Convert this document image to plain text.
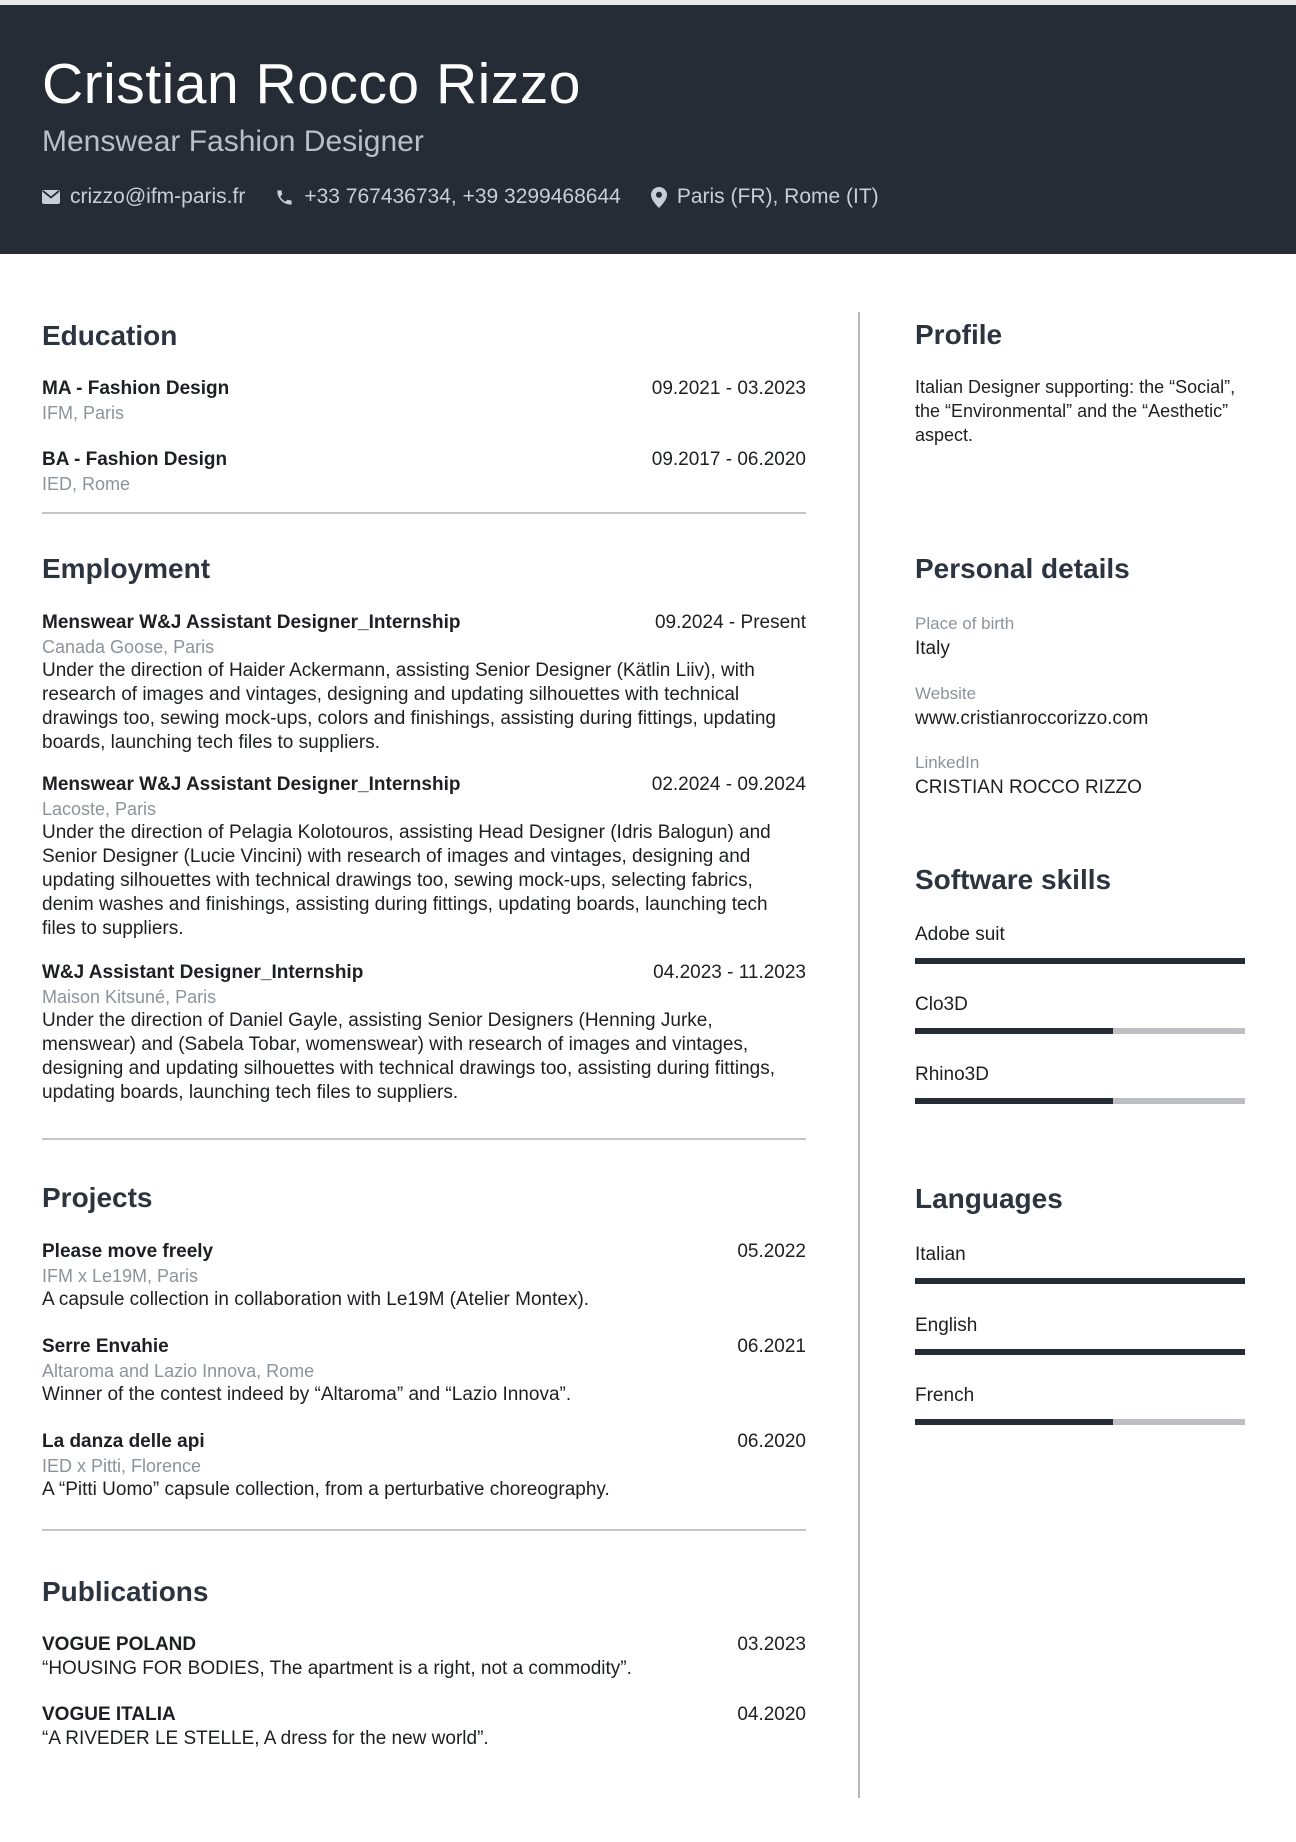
Cristian Rocco Rizzo
Menswear Fashion Designer
crizzo@ifm-paris.fr	+33 767436734, +39 3299468644	Paris (FR), Rome (IT)
Education
MA - Fashion Design	09.2021 - 03.2023
IFM, Paris
BA - Fashion Design	09.2017 - 06.2020
IED, Rome
Employment
Menswear W&J Assistant Designer_Internship	09.2024 - Present
Canada Goose, Paris
Under the direction of Haider Ackermann, assisting Senior Designer (Kätlin Liiv), with research of images and vintages, designing and updating silhouettes with technical drawings too, sewing mock-ups, colors and finishings, assisting during fittings, updating boards, launching tech files to suppliers.
Menswear W&J Assistant Designer_Internship	02.2024 - 09.2024
Lacoste, Paris
Under the direction of Pelagia Kolotouros, assisting Head Designer (Idris Balogun) and Senior Designer (Lucie Vincini) with research of images and vintages, designing and updating silhouettes with technical drawings too, sewing mock-ups, selecting fabrics, denim washes and finishings, assisting during fittings, updating boards, launching tech files to suppliers.
W&J Assistant Designer_Internship	04.2023 - 11.2023
Maison Kitsuné, Paris
Under the direction of Daniel Gayle, assisting Senior Designers (Henning Jurke, menswear) and (Sabela Tobar, womenswear) with research of images and vintages, designing and updating silhouettes with technical drawings too, assisting during fittings, updating boards, launching tech files to suppliers.
Projects
Please move freely	05.2022
IFM x Le19M, Paris
A capsule collection in collaboration with Le19M (Atelier Montex).
Serre Envahie	06.2021
Altaroma and Lazio Innova, Rome
Winner of the contest indeed by “Altaroma” and “Lazio Innova”.
La danza delle api	06.2020
IED x Pitti, Florence
A “Pitti Uomo” capsule collection, from a perturbative choreography.
Publications
VOGUE POLAND	03.2023
“HOUSING FOR BODIES, The apartment is a right, not a commodity”.
VOGUE ITALIA	04.2020
“A RIVEDER LE STELLE, A dress for the new world”.
Profile
Italian Designer supporting: the “Social”, the “Environmental” and the “Aesthetic” aspect.
Personal details
Place of birth
Italy
Website
www.cristianroccorizzo.com
LinkedIn
CRISTIAN ROCCO RIZZO
Software skills
Adobe suit
Clo3D
Rhino3D
Languages
Italian
English
French
